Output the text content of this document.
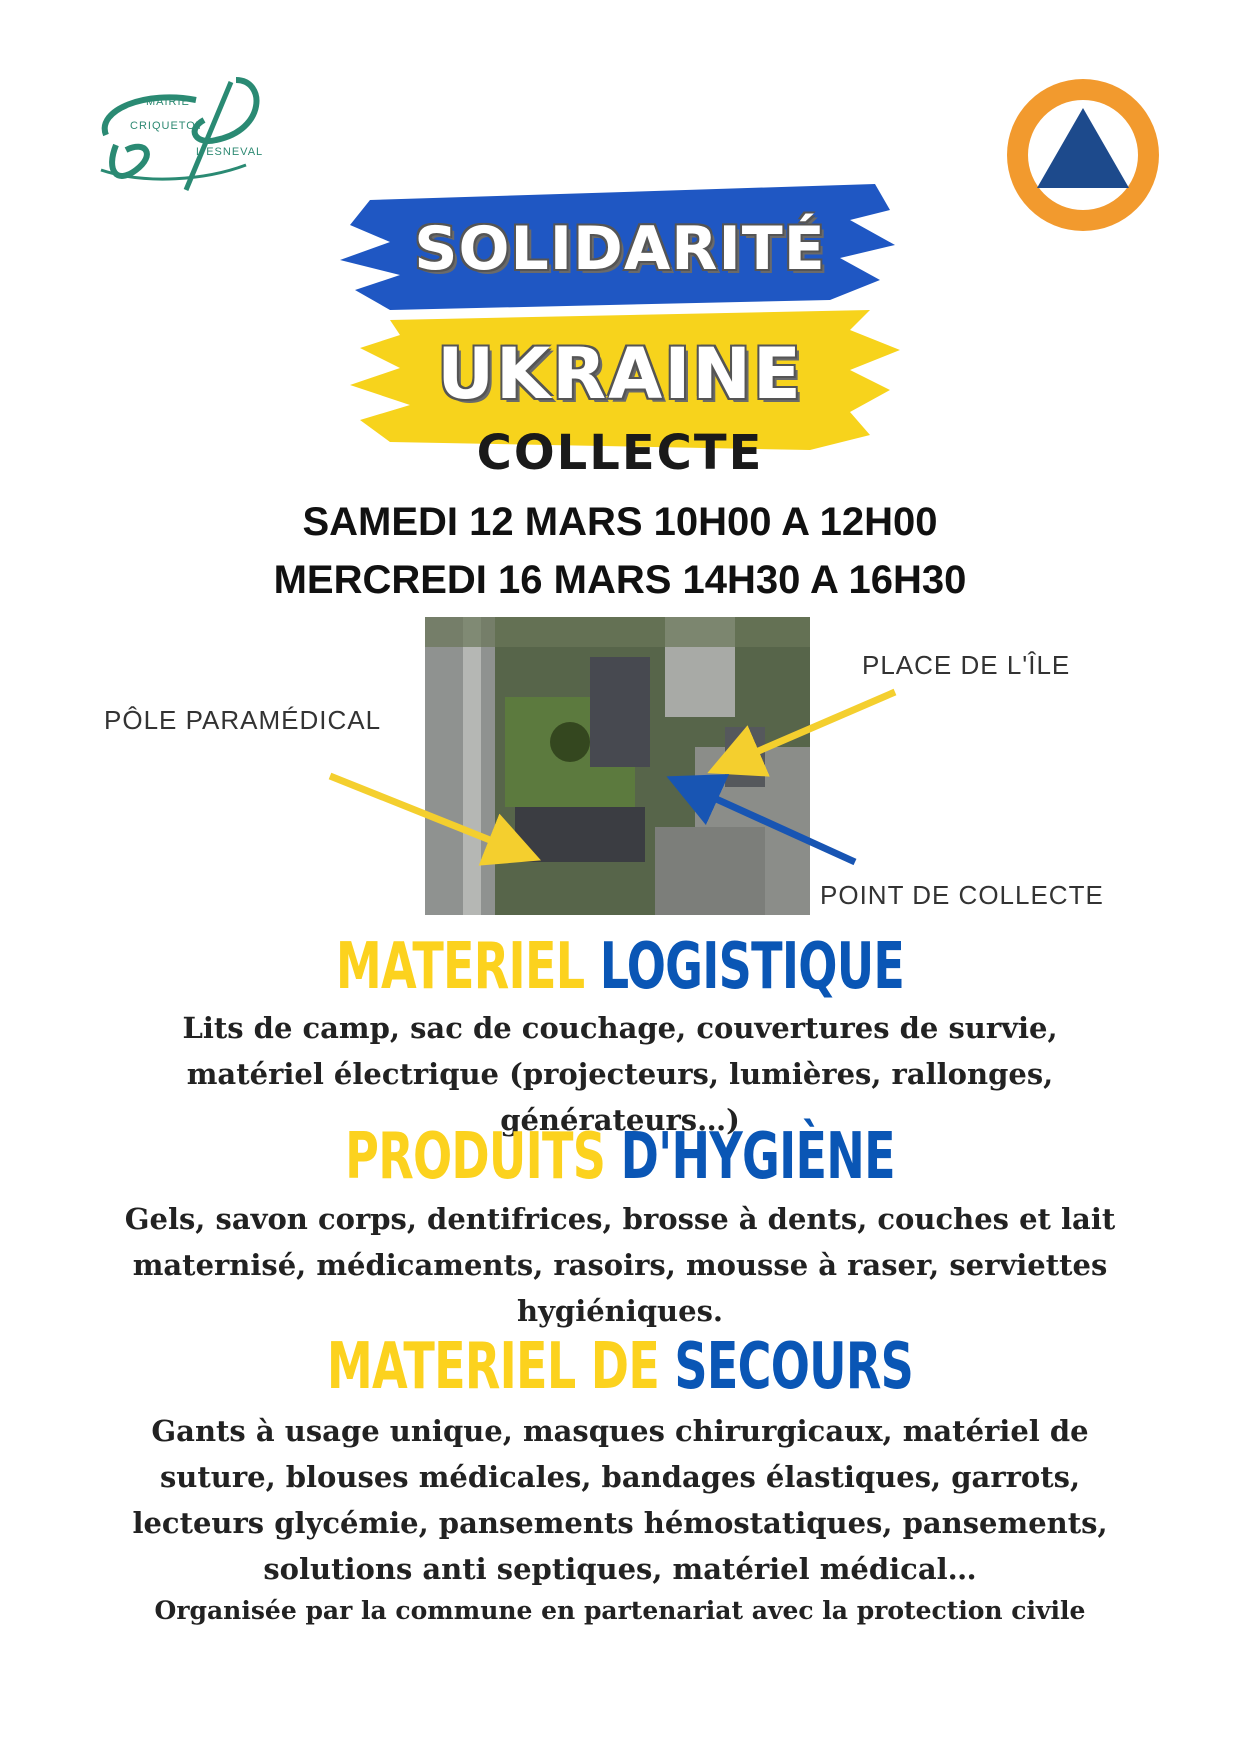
MAIRIE
CRIQUETOT
L'ESNEVAL
SOLIDARITÉ
UKRAINE
COLLECTE
SAMEDI 12 MARS 10H00 A 12H00
MERCREDI 16 MARS 14H30 A 16H30
PÔLE PARAMÉDICAL
PLACE DE L'ÎLE
POINT DE COLLECTE
MATERIEL LOGISTIQUE
Lits de camp, sac de couchage, couvertures de survie, matériel électrique (projecteurs, lumières, rallonges, générateurs…)
PRODUITS D'HYGIÈNE
Gels, savon corps, dentifrices, brosse à dents, couches et lait maternisé, médicaments, rasoirs, mousse à raser, serviettes hygiéniques.
MATERIEL DE SECOURS
Gants à usage unique, masques chirurgicaux, matériel de suture, blouses médicales, bandages élastiques, garrots, lecteurs glycémie, pansements hémostatiques, pansements, solutions anti septiques, matériel médical…
Organisée par la commune en partenariat avec la protection civile
